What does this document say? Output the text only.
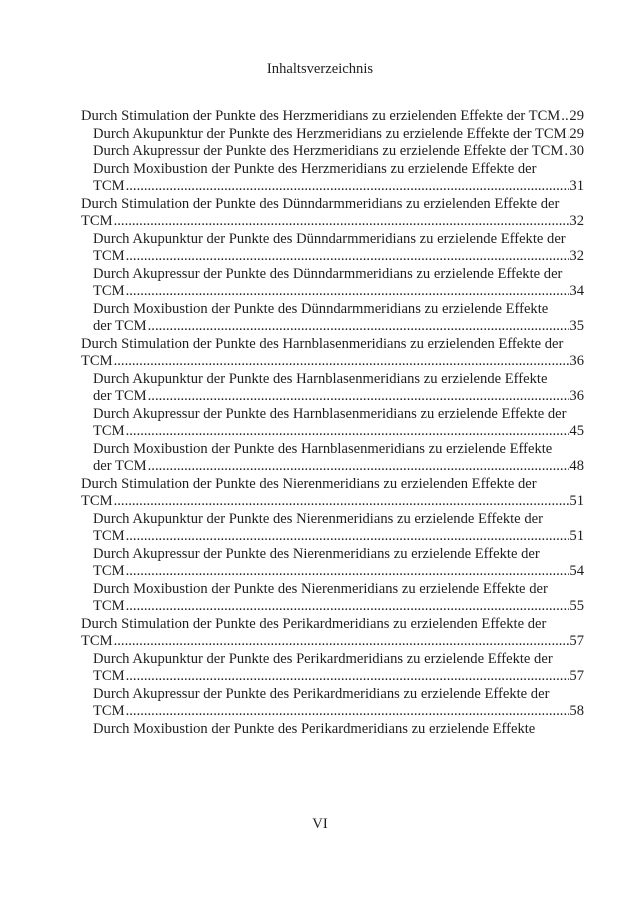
Inhaltsverzeichnis
Durch Stimulation der Punkte des Herzmeridians zu erzielenden Effekte der TCM ..... 29
Durch Akupunktur der Punkte des Herzmeridians zu erzielende Effekte der TCM ..... 29
Durch Akupressur der Punkte des Herzmeridians zu erzielende Effekte der TCM ..... 30
Durch Moxibustion der Punkte des Herzmeridians zu erzielende Effekte der TCM .....	31
Durch Stimulation der Punkte des Dünndarmmeridians zu erzielenden Effekte der TCM .....	32
Durch Akupunktur der Punkte des Dünndarmmeridians zu erzielende Effekte der TCM .....	32
Durch Akupressur der Punkte des Dünndarmmeridians zu erzielende Effekte der TCM .....	34
Durch Moxibustion der Punkte des Dünndarmmeridians zu erzielende Effekte der TCM .....	35
Durch Stimulation der Punkte des Harnblasenmeridians zu erzielenden Effekte der TCM .....	36
Durch Akupunktur der Punkte des Harnblasenmeridians zu erzielende Effekte der TCM .....	36
Durch Akupressur der Punkte des Harnblasenmeridians zu erzielende Effekte der TCM .....	45
Durch Moxibustion der Punkte des Harnblasenmeridians zu erzielende Effekte der TCM .....	48
Durch Stimulation der Punkte des Nierenmeridians zu erzielenden Effekte der TCM .....	51
Durch Akupunktur der Punkte des Nierenmeridians zu erzielende Effekte der TCM .....	51
Durch Akupressur der Punkte des Nierenmeridians zu erzielende Effekte der TCM .....	54
Durch Moxibustion der Punkte des Nierenmeridians zu erzielende Effekte der TCM .....	55
Durch Stimulation der Punkte des Perikardmeridians zu erzielenden Effekte der TCM .....	57
Durch Akupunktur der Punkte des Perikardmeridians zu erzielende Effekte der TCM .....	57
Durch Akupressur der Punkte des Perikardmeridians zu erzielende Effekte der TCM .....	58
Durch Moxibustion der Punkte des Perikardmeridians zu erzielende Effekte
VI
